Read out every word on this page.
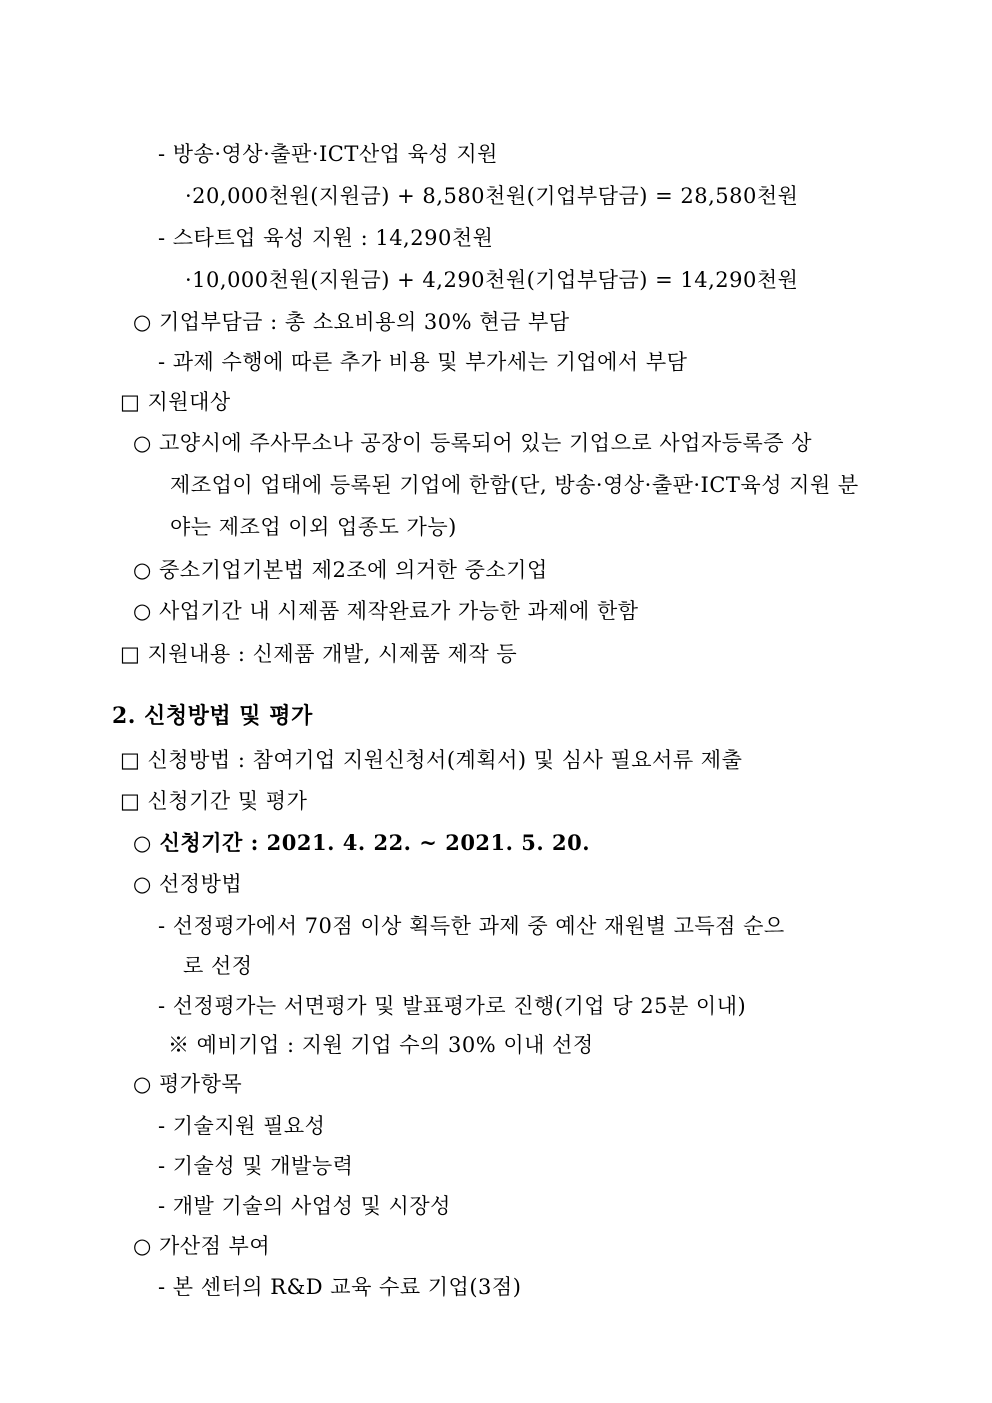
- 방송·영상·출판·ICT산업 육성 지원
·20,000천원(지원금) + 8,580천원(기업부담금) = 28,580천원
- 스타트업 육성 지원 : 14,290천원
·10,000천원(지원금) + 4,290천원(기업부담금) = 14,290천원
○ 기업부담금 : 총 소요비용의 30% 현금 부담
- 과제 수행에 따른 추가 비용 및 부가세는 기업에서 부담
□ 지원대상
○ 고양시에 주사무소나 공장이 등록되어 있는 기업으로 사업자등록증 상
제조업이 업태에 등록된 기업에 한함(단, 방송·영상·출판·ICT육성 지원 분
야는 제조업 이외 업종도 가능)
○ 중소기업기본법 제2조에 의거한 중소기업
○ 사업기간 내 시제품 제작완료가 가능한 과제에 한함
□ 지원내용 : 신제품 개발, 시제품 제작 등
2. 신청방법 및 평가
□ 신청방법 : 참여기업 지원신청서(계획서) 및 심사 필요서류 제출
□ 신청기간 및 평가
○ 신청기간 : 2021. 4. 22. ~ 2021. 5. 20.
○ 선정방법
- 선정평가에서 70점 이상 획득한 과제 중 예산 재원별 고득점 순으
로 선정
- 선정평가는 서면평가 및 발표평가로 진행(기업 당 25분 이내)
※ 예비기업 : 지원 기업 수의 30% 이내 선정
○ 평가항목
- 기술지원 필요성
- 기술성 및 개발능력
- 개발 기술의 사업성 및 시장성
○ 가산점 부여
- 본 센터의 R&D 교육 수료 기업(3점)
